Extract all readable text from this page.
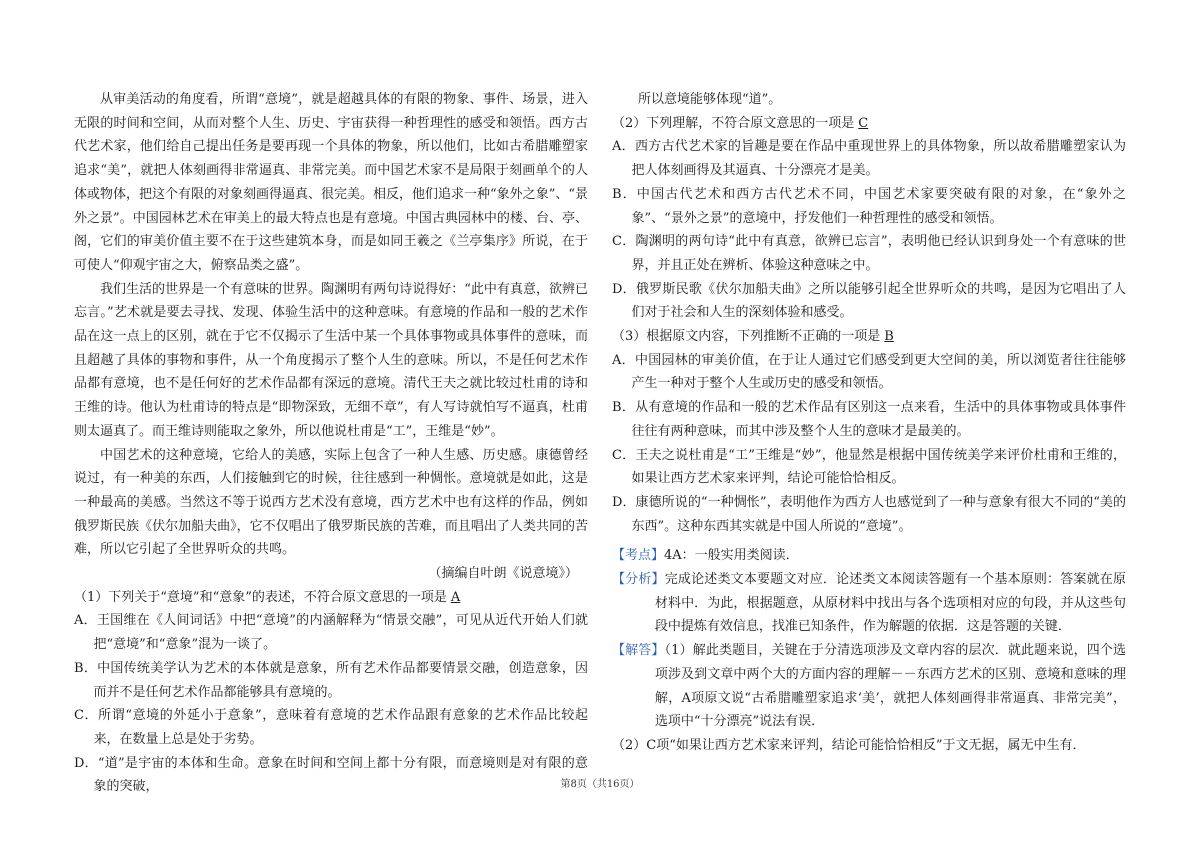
从审美活动的角度看，所谓“意境”，就是超越具体的有限的物象、事件、场景，进入无限的时间和空间，从而对整个人生、历史、宇宙获得一种哲理性的感受和领悟。西方古代艺术家，他们给自己提出任务是要再现一个具体的物象，所以他们，比如古希腊雕塑家追求“美”，就把人体刻画得非常逼真、非常完美。而中国艺术家不是局限于刻画单个的人体或物体，把这个有限的对象刻画得逼真、很完美。相反，他们追求一种“象外之象”、“景外之景”。中国园林艺术在审美上的最大特点也是有意境。中国古典园林中的楼、台、亭、阁，它们的审美价值主要不在于这些建筑本身，而是如同王羲之《兰亭集序》所说，在于可使人“仰观宇宙之大，俯察品类之盛”。

我们生活的世界是一个有意味的世界。陶渊明有两句诗说得好：“此中有真意，欲辨已忘言。”艺术就是要去寻找、发现、体验生活中的这种意味。有意境的作品和一般的艺术作品在这一点上的区别，就在于它不仅揭示了生活中某一个具体事物或具体事件的意味，而且超越了具体的事物和事件，从一个角度揭示了整个人生的意味。所以，不是任何艺术作品都有意境，也不是任何好的艺术作品都有深远的意境。清代王夫之就比较过杜甫的诗和王维的诗。他认为杜甫诗的特点是“即物深致，无细不章”，有人写诗就怕写不逼真，杜甫则太逼真了。而王维诗则能取之象外，所以他说杜甫是“工”，王维是“妙”。

中国艺术的这种意境，它给人的美感，实际上包含了一种人生感、历史感。康德曾经说过，有一种美的东西，人们接触到它的时候，往往感到一种惆怅。意境就是如此，这是一种最高的美感。当然这不等于说西方艺术没有意境，西方艺术中也有这样的作品，例如俄罗斯民族《伏尔加船夫曲》，它不仅唱出了俄罗斯民族的苦难，而且唱出了人类共同的苦难，所以它引起了全世界听众的共鸣。

（摘编自叶朗《说意境》）

（1）下列关于“意境”和“意象”的表述，不符合原文意思的一项是 A

A．王国维在《人间词话》中把“意境”的内涵解释为“情景交融”，可见从近代开始人们就把“意境”和“意象”混为一谈了。

B．中国传统美学认为艺术的本体就是意象，所有艺术作品都要情景交融，创造意象，因而并不是任何艺术作品都能够具有意境的。

C．所谓“意境的外延小于意象”，意味着有意境的艺术作品跟有意象的艺术作品比较起来，在数量上总是处于劣势。

D．“道”是宇宙的本体和生命。意象在时间和空间上都十分有限，而意境则是对有限的意象的突破，

所以意境能够体现“道”。

（2）下列理解，不符合原文意思的一项是 C

A．西方古代艺术家的旨趣是要在作品中重现世界上的具体物象，所以故希腊雕塑家认为把人体刻画得及其逼真、十分漂亮才是美。

B．中国古代艺术和西方古代艺术不同，中国艺术家要突破有限的对象，在“象外之象”、“景外之景”的意境中，抒发他们一种哲理性的感受和领悟。

C．陶渊明的两句诗“此中有真意，欲辨已忘言”，表明他已经认识到身处一个有意味的世界，并且正处在辨析、体验这种意味之中。

D．俄罗斯民歌《伏尔加船夫曲》之所以能够引起全世界听众的共鸣，是因为它唱出了人们对于社会和人生的深刻体验和感受。

（3）根据原文内容，下列推断不正确的一项是 B

A．中国园林的审美价值，在于让人通过它们感受到更大空间的美，所以浏览者往往能够产生一种对于整个人生或历史的感受和领悟。

B．从有意境的作品和一般的艺术作品有区别这一点来看，生活中的具体事物或具体事件往往有两种意味，而其中涉及整个人生的意味才是最美的。

C．王夫之说杜甫是“工”王维是“妙”，他显然是根据中国传统美学来评价杜甫和王维的，如果让西方艺术家来评判，结论可能恰恰相反。

D．康德所说的“一种惆怅”，表明他作为西方人也感觉到了一种与意象有很大不同的“美的东西”。这种东西其实就是中国人所说的“意境”。

【考点】4A：一般实用类阅读．

【分析】完成论述类文本要题文对应．论述类文本阅读答题有一个基本原则：答案就在原材料中．为此，根据题意，从原材料中找出与各个选项相对应的句段，并从这些句段中提炼有效信息，找准已知条件，作为解题的依据．这是答题的关键．

【解答】（1）解此类题目，关键在于分清选项涉及文章内容的层次．就此题来说，四个选项涉及到文章中两个大的方面内容的理解－－东西方艺术的区别、意境和意味的理解，A项原文说“古希腊雕塑家追求‘美’，就把人体刻画得非常逼真、非常完美”，选项中“十分漂亮”说法有误．

（2）C项“如果让西方艺术家来评判，结论可能恰恰相反”于文无据，属无中生有．

第8页（共16页）
